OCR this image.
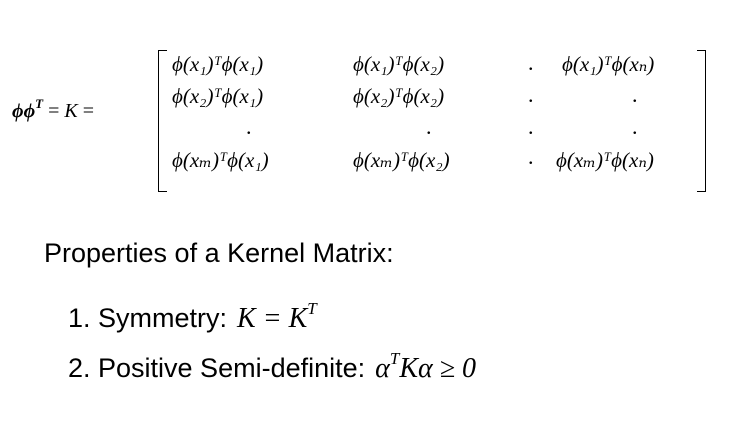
$\phi\phi^T = K$ =
ϕ(x₁)ᵀϕ(x₁)	ϕ(x₁)ᵀϕ(x₂)	. ϕ(x₁)ᵀϕ(xₙ)
ϕ(x₂)ᵀϕ(x₁)	ϕ(x₂)ᵀϕ(x₂)	.	.
.	.	.	.
ϕ(xₘ)ᵀϕ(x₁)	ϕ(xₘ)ᵀϕ(x₂)	. ϕ(xₘ)ᵀϕ(xₙ)
Properties of a Kernel Matrix:
1. Symmetry: $K = K^T$
2. Positive Semi-definite: $\alpha^TK\alpha \ge 0$
